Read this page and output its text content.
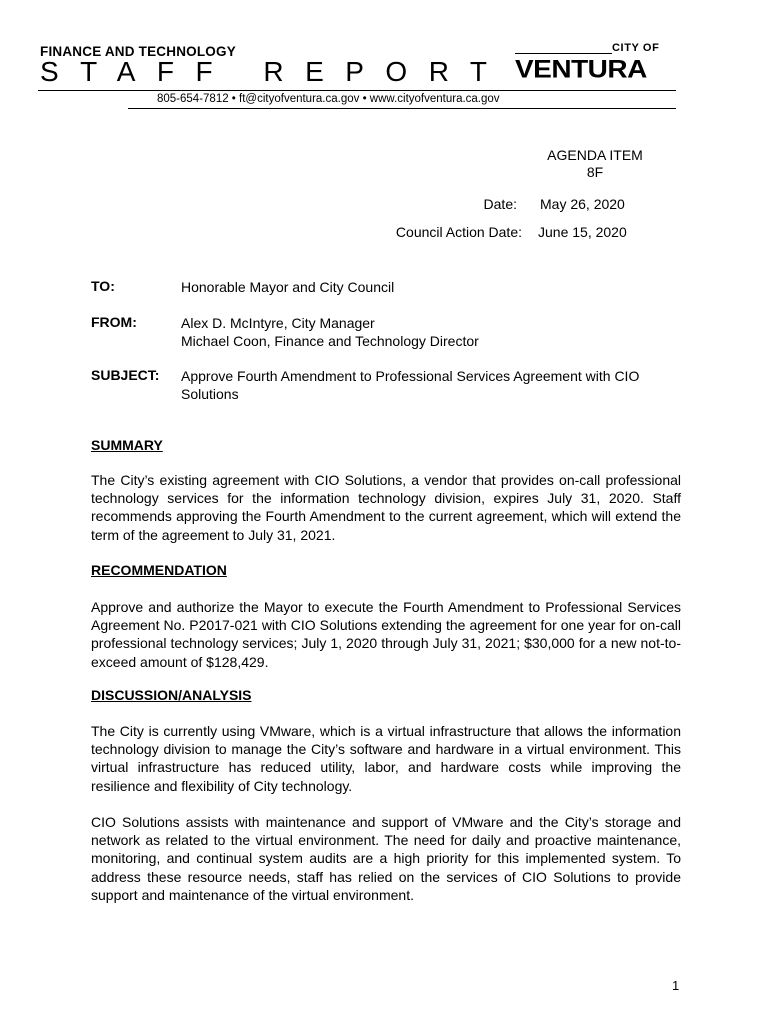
FINANCE AND TECHNOLOGY
STAFF REPORT
CITY OF
VENTURA
805-654-7812 • ft@cityofventura.ca.gov • www.cityofventura.ca.gov
AGENDA ITEM
8F
Date: May 26, 2020
Council Action Date: June 15, 2020
TO:	Honorable Mayor and City Council
FROM:	Alex D. McIntyre, City Manager
Michael Coon, Finance and Technology Director
SUBJECT: Approve Fourth Amendment to Professional Services Agreement with CIO
Solutions
SUMMARY
The City’s existing agreement with CIO Solutions, a vendor that provides on-call professional technology services for the information technology division, expires July 31, 2020. Staff recommends approving the Fourth Amendment to the current agreement, which will extend the term of the agreement to July 31, 2021.
RECOMMENDATION
Approve and authorize the Mayor to execute the Fourth Amendment to Professional Services Agreement No. P2017-021 with CIO Solutions extending the agreement for one year for on-call professional technology services; July 1, 2020 through July 31, 2021; $30,000 for a new not-to-exceed amount of $128,429.
DISCUSSION/ANALYSIS
The City is currently using VMware, which is a virtual infrastructure that allows the information technology division to manage the City’s software and hardware in a virtual environment. This virtual infrastructure has reduced utility, labor, and hardware costs while improving the resilience and flexibility of City technology.
CIO Solutions assists with maintenance and support of VMware and the City’s storage and network as related to the virtual environment. The need for daily and proactive maintenance, monitoring, and continual system audits are a high priority for this implemented system. To address these resource needs, staff has relied on the services of CIO Solutions to provide support and maintenance of the virtual environment.
1
